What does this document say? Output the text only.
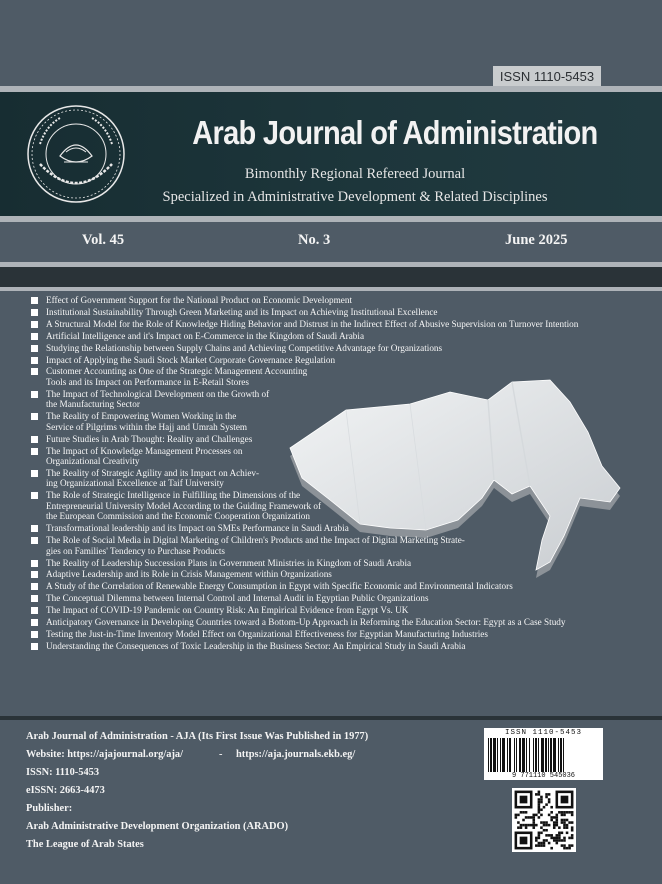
ISSN 1110-5453
Arab Journal of Administration
Bimonthly Regional Refereed Journal
Specialized in Administrative Development & Related Disciplines
Vol. 45	No. 3	June 2025
Effect of Government Support for the National Product on Economic Development
Institutional Sustainability Through Green Marketing and its Impact on Achieving Institutional Excellence
A Structural Model for the Role of Knowledge Hiding Behavior and Distrust in the Indirect Effect of Abusive Supervision on Turnover Intention
Artificial Intelligence and it's Impact on E-Commerce in the Kingdom of Saudi Arabia
Studying the Relationship between Supply Chains and Achieving Competitive Advantage for Organizations
Impact of Applying the Saudi Stock Market Corporate Governance Regulation
Customer Accounting as One of the Strategic Management Accounting
Tools and its Impact on Performance in E-Retail Stores
The Impact of Technological Development on the Growth of
the Manufacturing Sector
The Reality of Empowering Women Working in the
Service of Pilgrims within the Hajj and Umrah System
Future Studies in Arab Thought: Reality and Challenges
The Impact of Knowledge Management Processes on
Organizational Creativity
The Reality of Strategic Agility and its Impact on Achiev-
ing Organizational Excellence at Taif University
The Role of Strategic Intelligence in Fulfilling the Dimensions of the
Entrepreneurial University Model According to the Guiding Framework of
the European Commission and the Economic Cooperation Organization
Transformational leadership and its Impact on SMEs Performance in Saudi Arabia
The Role of Social Media in Digital Marketing of Children's Products and the Impact of Digital Marketing Strate-
gies on Families' Tendency to Purchase Products
The Reality of Leadership Succession Plans in Government Ministries in Kingdom of Saudi Arabia
Adaptive Leadership and its Role in Crisis Management within Organizations
A Study of the Correlation of Renewable Energy Consumption in Egypt with Specific Economic and Environmental Indicators
The Conceptual Dilemma between Internal Control and Internal Audit in Egyptian Public Organizations
The Impact of COVID-19 Pandemic on Country Risk: An Empirical Evidence from Egypt Vs. UK
Anticipatory Governance in Developing Countries toward a Bottom-Up Approach in Reforming the Education Sector: Egypt as a Case Study
Testing the Just-in-Time Inventory Model Effect on Organizational Effectiveness for Egyptian Manufacturing Industries
Understanding the Consequences of Toxic Leadership in the Business Sector: An Empirical Study in Saudi Arabia
Arab Journal of Administration - AJA (Its First Issue Was Published in 1977)
Website: https://ajajournal.org/aja/	- https://aja.journals.ekb.eg/
ISSN: 1110-5453
eISSN: 2663-4473
Publisher:
Arab Administrative Development Organization (ARADO)
The League of Arab States
ISSN 1110-5453
9 771110 545036
